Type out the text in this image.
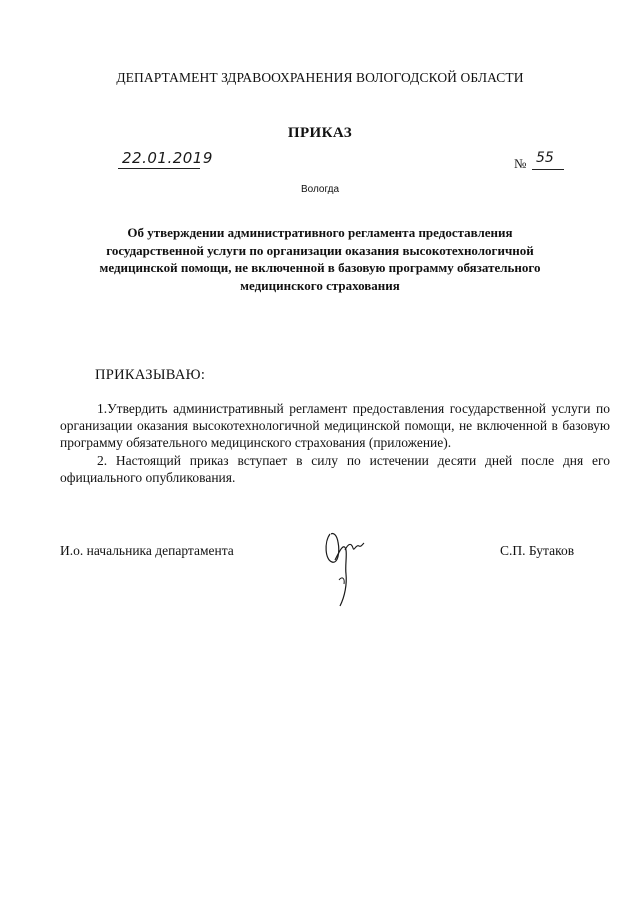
ДЕПАРТАМЕНТ ЗДРАВООХРАНЕНИЯ ВОЛОГОДСКОЙ ОБЛАСТИ
ПРИКАЗ
22.01.2019	№ 55
Вологда
Об утверждении административного регламента предоставления
государственной услуги по организации оказания высокотехнологичной
медицинской помощи, не включенной в базовую программу обязательного
медицинского страхования
ПРИКАЗЫВАЮ:

1.Утвердить административный регламент предоставления государственной услуги по организации оказания высокотехнологичной медицинской помощи, не включенной в базовую программу обязательного медицинского страхования (приложение).

2. Настоящий приказ вступает в силу по истечении десяти дней после дня его официального опубликования.

И.о. начальника департамента	С.П. Бутаков
